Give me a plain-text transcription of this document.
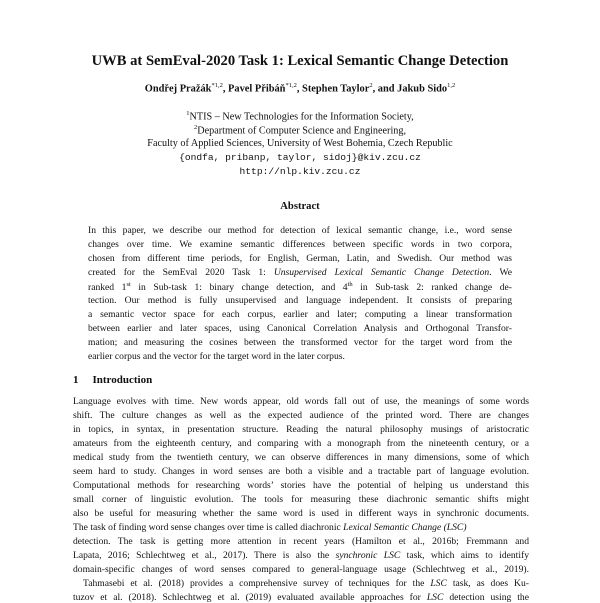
UWB at SemEval-2020 Task 1: Lexical Semantic Change Detection
Ondřej Pražák$^{*1,2}$, Pavel Přibáň$^{*1,2}$, Stephen Taylor$^2$, and Jakub Sido$^{1,2}$
$^1$NTIS – New Technologies for the Information Society,
$^2$Department of Computer Science and Engineering,
Faculty of Applied Sciences, University of West Bohemia, Czech Republic
{ondfa, pribanp, taylor, sidoj}@kiv.zcu.cz
http://nlp.kiv.zcu.cz
Abstract
In this paper, we describe our method for detection of lexical semantic change, i.e., word sense
changes over time. We examine semantic differences between specific words in two corpora,
chosen from different time periods, for English, German, Latin, and Swedish. Our method was
created for the SemEval 2020 Task 1: Unsupervised Lexical Semantic Change Detection. We
ranked 1st in Sub-task 1: binary change detection, and 4th in Sub-task 2: ranked change de-
tection. Our method is fully unsupervised and language independent. It consists of preparing
a semantic vector space for each corpus, earlier and later; computing a linear transformation
between earlier and later spaces, using Canonical Correlation Analysis and Orthogonal Transfor-
mation; and measuring the cosines between the transformed vector for the target word from the
earlier corpus and the vector for the target word in the later corpus.
1 Introduction
Language evolves with time. New words appear, old words fall out of use, the meanings of some words
shift. The culture changes as well as the expected audience of the printed word. There are changes
in topics, in syntax, in presentation structure. Reading the natural philosophy musings of aristocratic
amateurs from the eighteenth century, and comparing with a monograph from the nineteenth century, or a
medical study from the twentieth century, we can observe differences in many dimensions, some of which
seem hard to study. Changes in word senses are both a visible and a tractable part of language evolution.
Computational methods for researching words’ stories have the potential of helping us understand this
small corner of linguistic evolution. The tools for measuring these diachronic semantic shifts might
also be useful for measuring whether the same word is used in different ways in synchronic documents.
The task of finding word sense changes over time is called diachronic Lexical Semantic Change (LSC)
detection. The task is getting more attention in recent years (Hamilton et al., 2016b; Fremmann and
Lapata, 2016; Schlechtweg et al., 2017). There is also the synchronic LSC task, which aims to identify
domain-specific changes of word senses compared to general-language usage (Schlechtweg et al., 2019).
Tahmasebi et al. (2018) provides a comprehensive survey of techniques for the LSC task, as does Ku-
tuzov et al. (2018). Schlechtweg et al. (2019) evaluated available approaches for LSC detection using the
